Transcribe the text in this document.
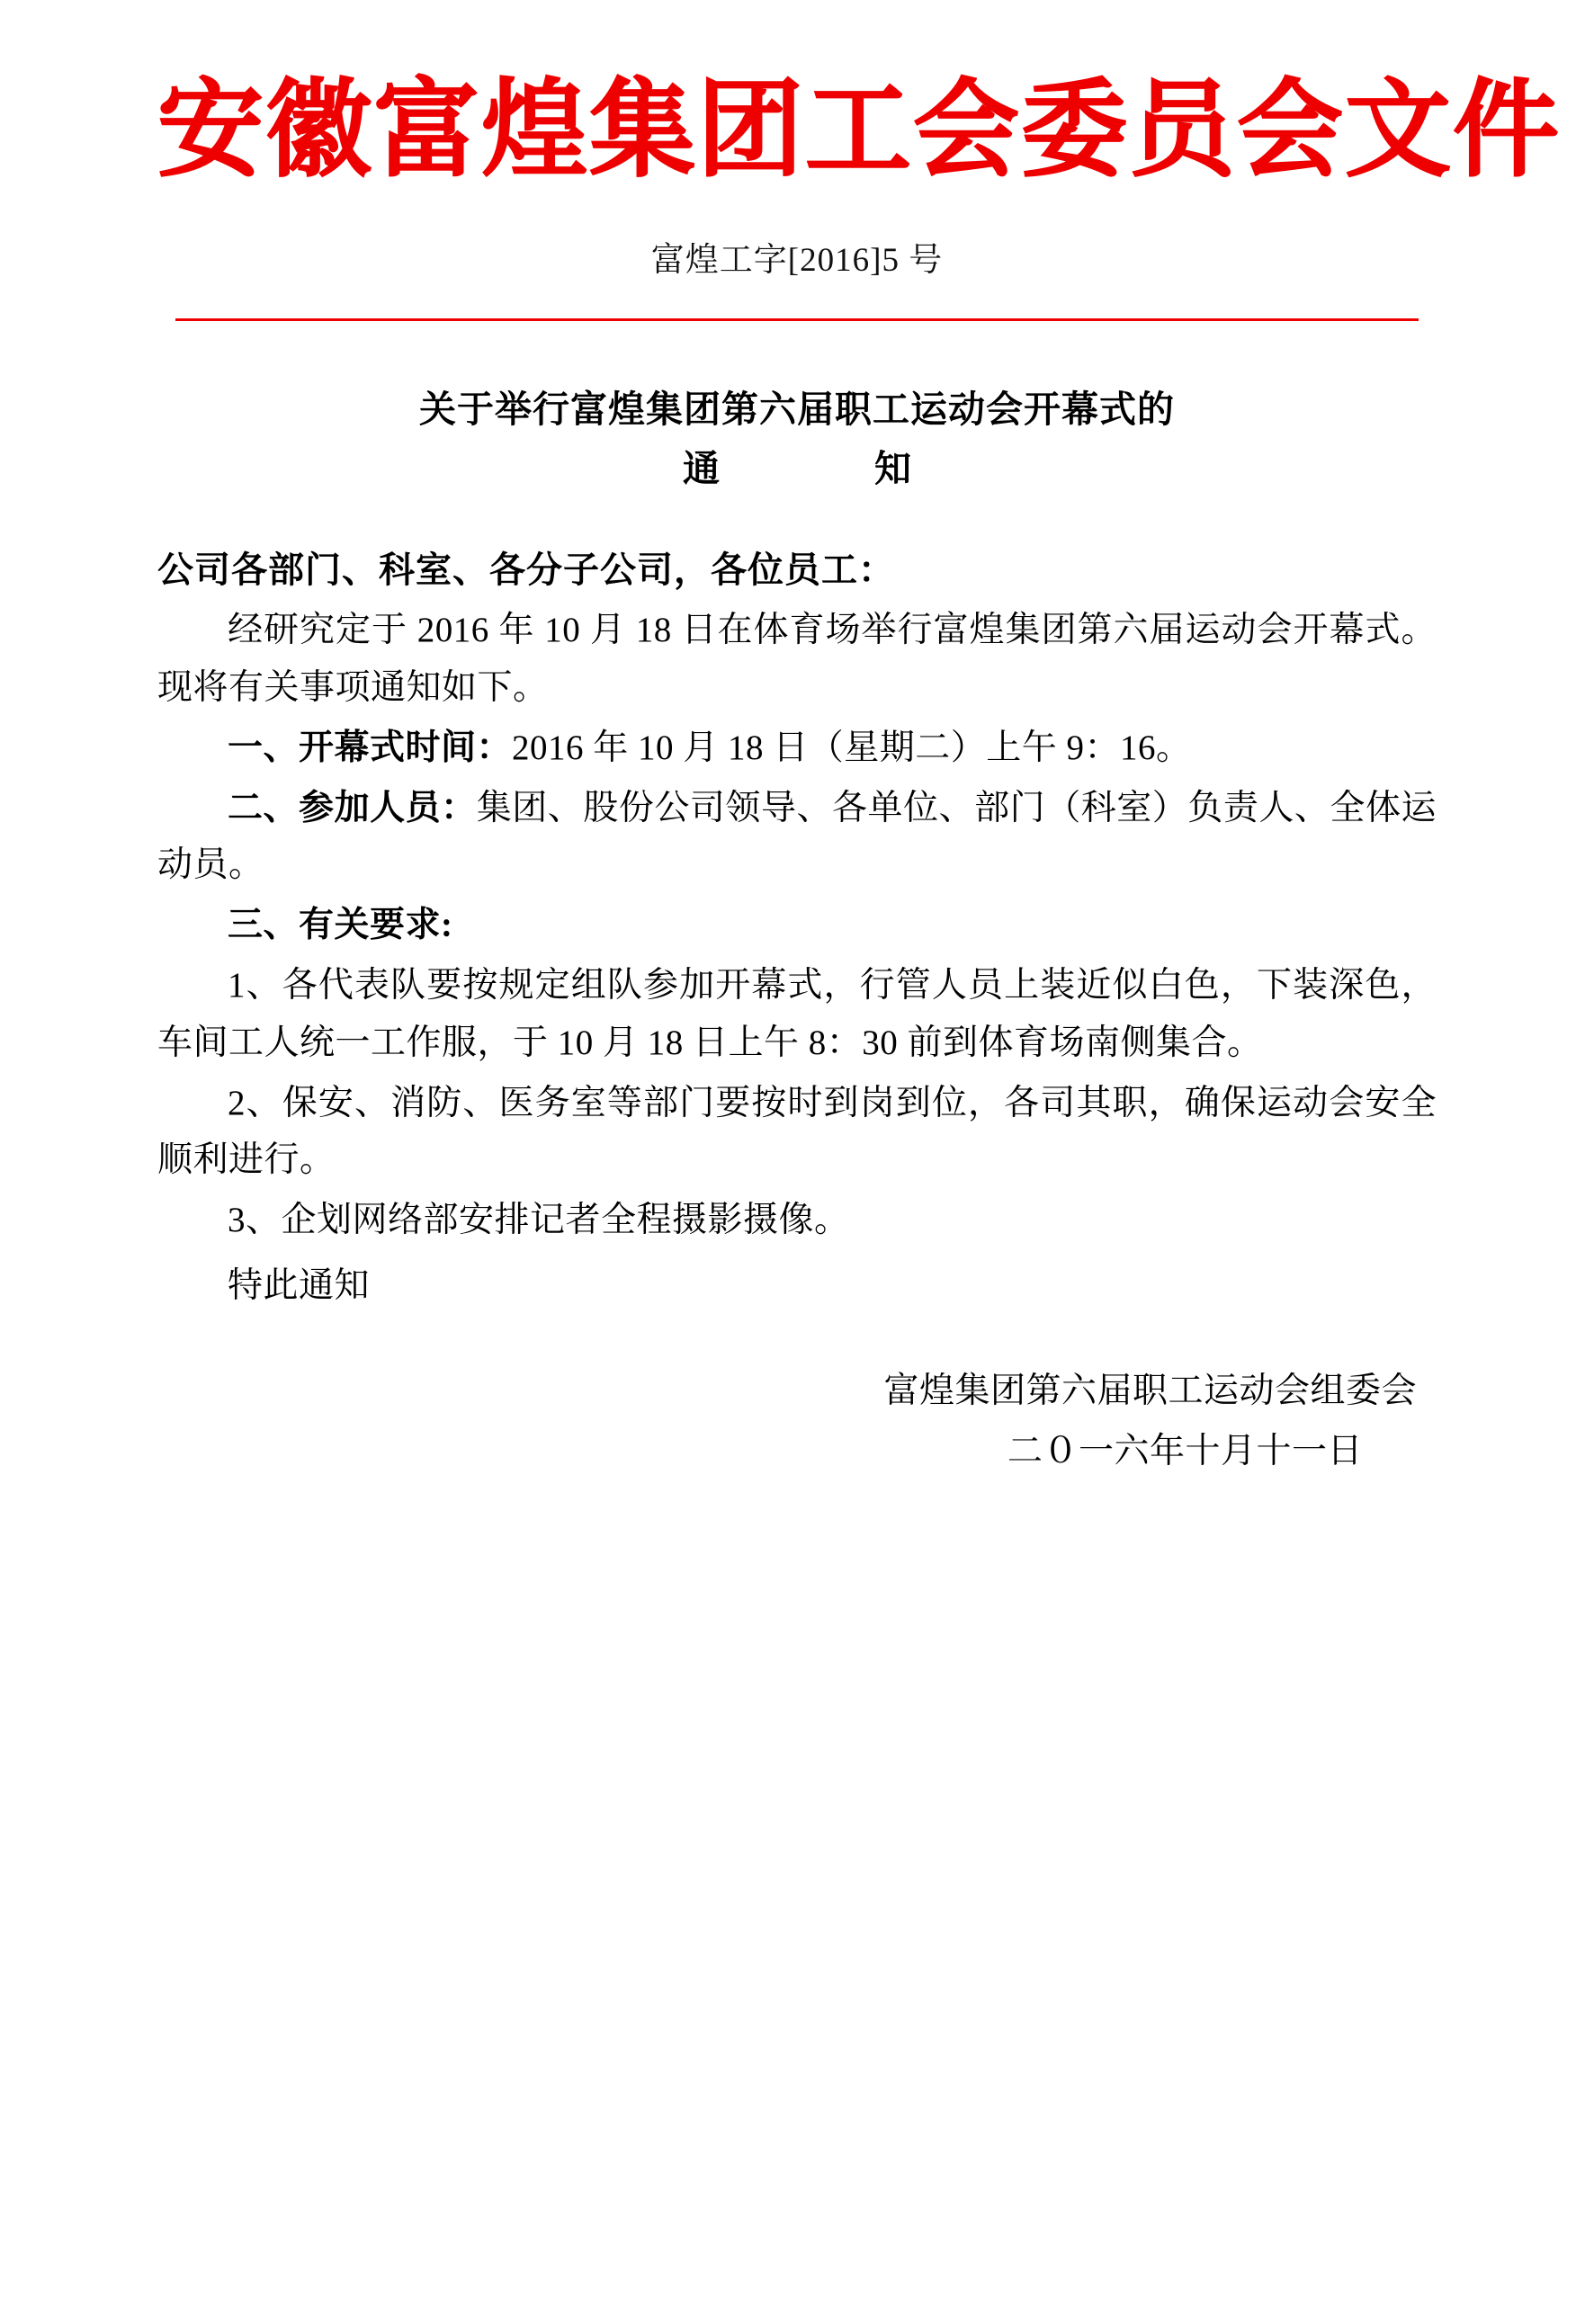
安徽富煌集团工会委员会文件
富煌工字[2016]5 号
关于举行富煌集团第六届职工运动会开幕式的
通　　知
公司各部门、科室、各分子公司，各位员工：

经研究定于 2016 年 10 月 18 日在体育场举行富煌集团第六届运动会开幕式。现将有关事项通知如下。

一、开幕式时间：2016 年 10 月 18 日（星期二）上午 9：16。

二、参加人员：集团、股份公司领导、各单位、部门（科室）负责人、全体运动员。

三、有关要求:

1、各代表队要按规定组队参加开幕式，行管人员上装近似白色，下装深色，车间工人统一工作服，于 10 月 18 日上午 8：30 前到体育场南侧集合。

2、保安、消防、医务室等部门要按时到岗到位，各司其职，确保运动会安全顺利进行。

3、企划网络部安排记者全程摄影摄像。

特此通知

富煌集团第六届职工运动会组委会
二０一六年十月十一日
